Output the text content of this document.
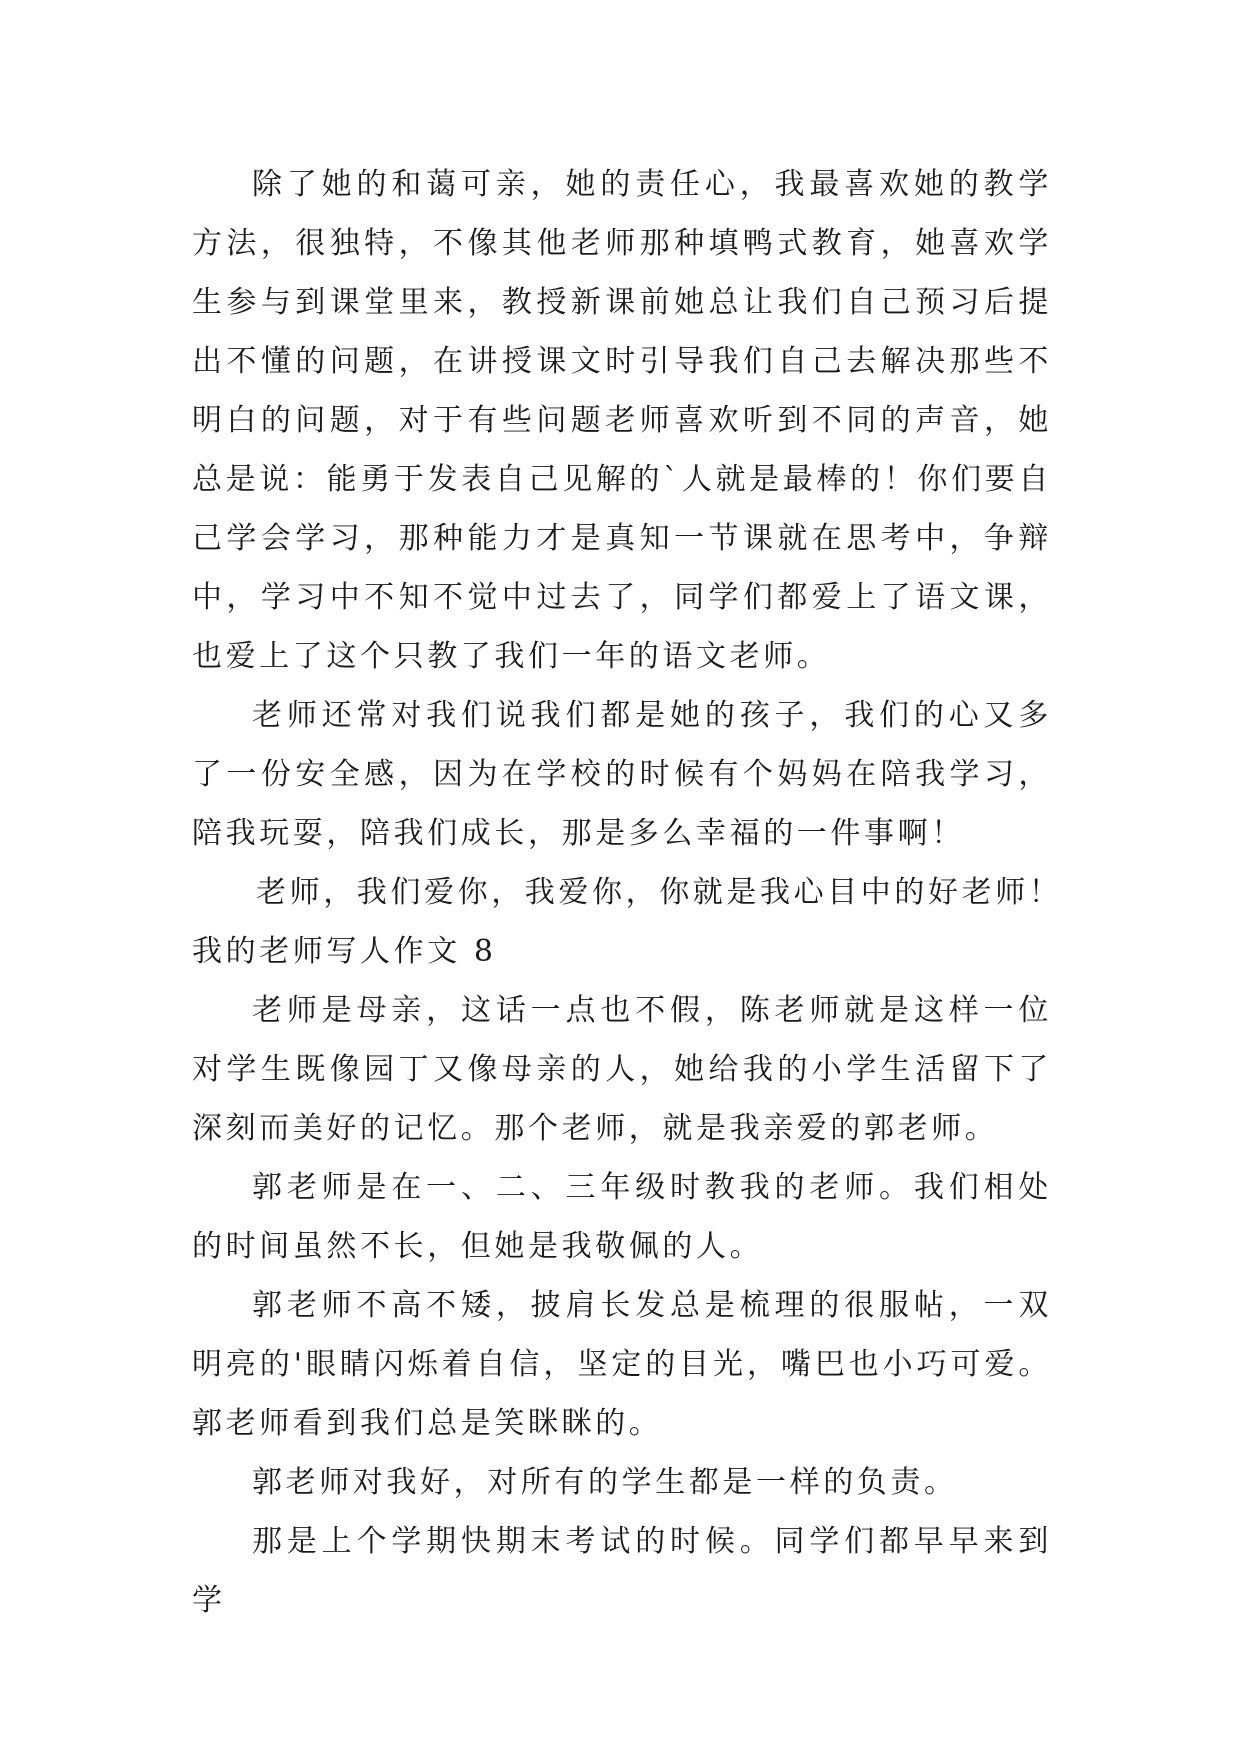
除了她的和蔼可亲，她的责任心，我最喜欢她的教学方法，很独特，不像其他老师那种填鸭式教育，她喜欢学生参与到课堂里来，教授新课前她总让我们自己预习后提出不懂的问题，在讲授课文时引导我们自己去解决那些不明白的问题，对于有些问题老师喜欢听到不同的声音，她总是说：能勇于发表自己见解的`人就是最棒的！你们要自己学会学习，那种能力才是真知一节课就在思考中，争辩中，学习中不知不觉中过去了，同学们都爱上了语文课，也爱上了这个只教了我们一年的语文老师。

老师还常对我们说我们都是她的孩子，我们的心又多了一份安全感，因为在学校的时候有个妈妈在陪我学习，陪我玩耍，陪我们成长，那是多么幸福的一件事啊！

老师，我们爱你，我爱你，你就是我心目中的好老师！

我的老师写人作文 8

老师是母亲，这话一点也不假，陈老师就是这样一位对学生既像园丁又像母亲的人，她给我的小学生活留下了深刻而美好的记忆。那个老师，就是我亲爱的郭老师。

郭老师是在一、二、三年级时教我的老师。我们相处的时间虽然不长，但她是我敬佩的人。

郭老师不高不矮，披肩长发总是梳理的很服帖，一双明亮的'眼睛闪烁着自信，坚定的目光，嘴巴也小巧可爱。郭老师看到我们总是笑眯眯的。

郭老师对我好，对所有的学生都是一样的负责。

那是上个学期快期末考试的时候。同学们都早早来到学
